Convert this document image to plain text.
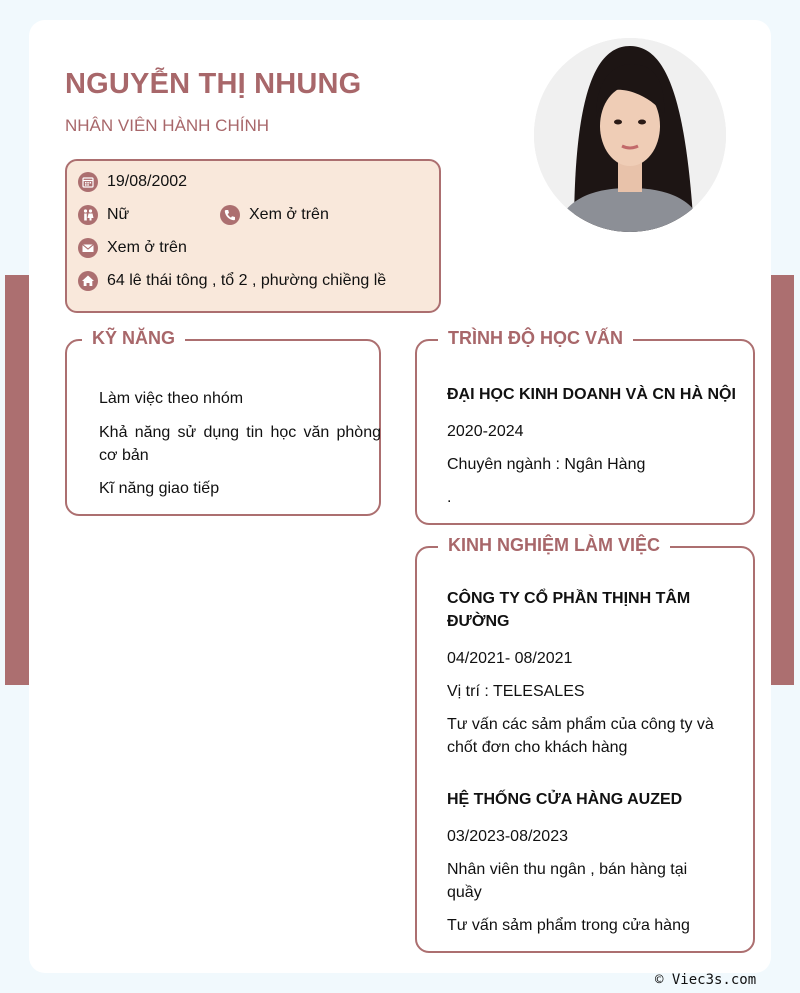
NGUYỄN THỊ NHUNG
NHÂN VIÊN HÀNH CHÍNH
19/08/2002
Nữ	Xem ở trên
Xem ở trên
64 lê thái tông , tổ 2 , phường chiềng lề
KỸ NĂNG
Làm việc theo nhóm
Khả năng sử dụng tin học văn phòng cơ bản
Kĩ năng giao tiếp
TRÌNH ĐỘ HỌC VẤN
ĐẠI HỌC KINH DOANH VÀ CN HÀ NỘI
2020-2024
Chuyên ngành : Ngân Hàng
.
KINH NGHIỆM LÀM VIỆC
CÔNG TY CỔ PHẦN THỊNH TÂM ĐƯỜNG
04/2021- 08/2021
Vị trí : TELESALES
Tư vấn các sảm phẩm của công ty và chốt đơn cho khách hàng
HỆ THỐNG CỬA HÀNG AUZED
03/2023-08/2023
Nhân viên thu ngân , bán hàng tại quầy
Tư vấn sảm phẩm trong cửa hàng
© Viec3s.com
